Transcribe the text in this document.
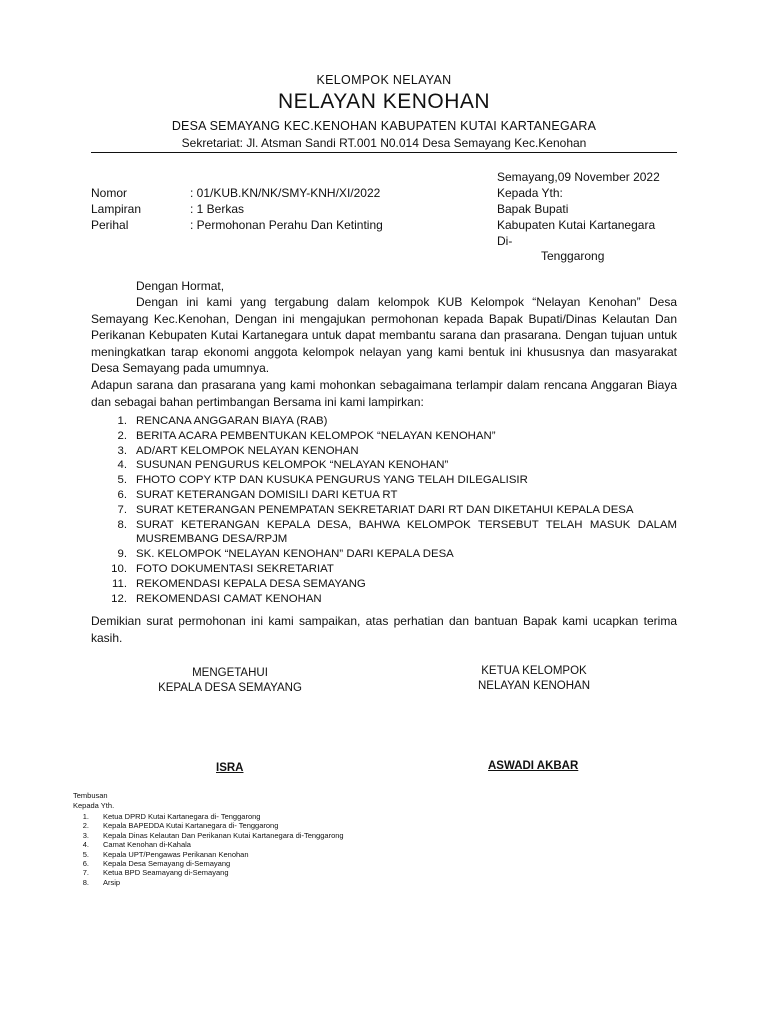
KELOMPOK NELAYAN
NELAYAN KENOHAN
DESA SEMAYANG KEC.KENOHAN KABUPATEN KUTAI KARTANEGARA
Sekretariat: Jl. Atsman Sandi RT.001 N0.014 Desa Semayang Kec.Kenohan
Semayang,09 November 2022
Nomor	: 01/KUB.KN/NK/SMY-KNH/XI/2022
Lampiran	: 1 Berkas
Perihal	: Permohonan Perahu Dan Ketinting
Kepada Yth:
Bapak Bupati
Kabupaten Kutai Kartanegara
Di-
Tenggarong
Dengan Hormat,
Dengan ini kami yang tergabung dalam kelompok KUB Kelompok “Nelayan Kenohan” Desa Semayang Kec.Kenohan, Dengan ini mengajukan permohonan kepada Bapak Bupati/Dinas Kelautan Dan Perikanan Kebupaten Kutai Kartanegara untuk dapat membantu sarana dan prasarana. Dengan tujuan untuk meningkatkan tarap ekonomi anggota kelompok nelayan yang kami bentuk ini khususnya dan masyarakat Desa Semayang pada umumnya.
Adapun sarana dan prasarana yang kami mohonkan sebagaimana terlampir dalam rencana Anggaran Biaya dan sebagai bahan pertimbangan Bersama ini kami lampirkan:
1. RENCANA ANGGARAN BIAYA (RAB)
2. BERITA ACARA PEMBENTUKAN KELOMPOK “NELAYAN KENOHAN”
3. AD/ART KELOMPOK NELAYAN KENOHAN
4. SUSUNAN PENGURUS KELOMPOK “NELAYAN KENOHAN”
5. FHOTO COPY KTP DAN KUSUKA PENGURUS YANG TELAH DILEGALISIR
6. SURAT KETERANGAN DOMISILI DARI KETUA RT
7. SURAT KETERANGAN PENEMPATAN SEKRETARIAT DARI RT DAN DIKETAHUI KEPALA DESA
8. SURAT KETERANGAN KEPALA DESA, BAHWA KELOMPOK TERSEBUT TELAH MASUK DALAM MUSREMBANG DESA/RPJM
9. SK. KELOMPOK “NELAYAN KENOHAN” DARI KEPALA DESA
10. FOTO DOKUMENTASI SEKRETARIAT
11. REKOMENDASI KEPALA DESA SEMAYANG
12. REKOMENDASI CAMAT KENOHAN
Demikian surat permohonan ini kami sampaikan, atas perhatian dan bantuan Bapak kami ucapkan terima kasih.
MENGETAHUI
KEPALA DESA SEMAYANG
KETUA KELOMPOK
NELAYAN KENOHAN
ISRA	ASWADI AKBAR
Tembusan
Kepada Yth.
1.	Ketua DPRD Kutai Kartanegara di- Tenggarong
2.	Kepala BAPEDDA Kutai Kartanegara di- Tenggarong
3.	Kepala Dinas Kelautan Dan Perikanan Kutai Kartanegara di-Tenggarong
4.	Camat Kenohan di-Kahala
5.	Kepala UPT/Pengawas Perikanan Kenohan
6.	Kepala Desa Semayang di-Semayang
7.	Ketua BPD Seamayang di-Semayang
8.	Arsip
